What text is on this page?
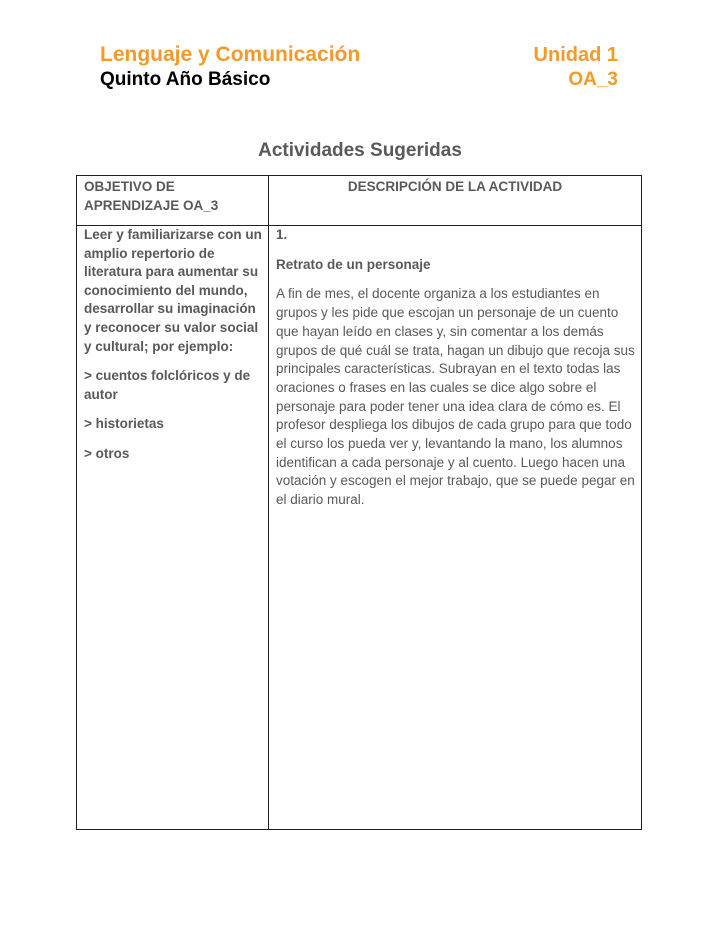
Lenguaje y Comunicación	Unidad 1
Quinto Año Básico	OA_3
Actividades Sugeridas
OBJETIVO DE APRENDIZAJE OA_3
DESCRIPCIÓN DE LA ACTIVIDAD

Leer y familiarizarse con un amplio repertorio de literatura para aumentar su conocimiento del mundo, desarrollar su imaginación y reconocer su valor social y cultural; por ejemplo:

> cuentos folclóricos y de autor

> historietas

> otros

1.

Retrato de un personaje

A fin de mes, el docente organiza a los estudiantes en grupos y les pide que escojan un personaje de un cuento que hayan leído en clases y, sin comentar a los demás grupos de qué cuál se trata, hagan un dibujo que recoja sus principales características. Subrayan en el texto todas las oraciones o frases en las cuales se dice algo sobre el personaje para poder tener una idea clara de cómo es. El profesor despliega los dibujos de cada grupo para que todo el curso los pueda ver y, levantando la mano, los alumnos identifican a cada personaje y al cuento. Luego hacen una votación y escogen el mejor trabajo, que se puede pegar en el diario mural.
